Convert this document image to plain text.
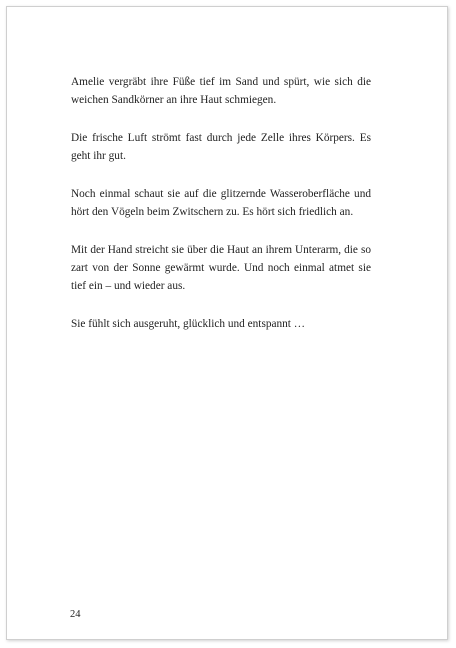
Amelie vergräbt ihre Füße tief im Sand und spürt, wie sich die weichen Sandkörner an ihre Haut schmiegen.

Die frische Luft strömt fast durch jede Zelle ihres Körpers. Es geht ihr gut.

Noch einmal schaut sie auf die glitzernde Wasseroberfläche und hört den Vögeln beim Zwitschern zu. Es hört sich friedlich an.

Mit der Hand streicht sie über die Haut an ihrem Unterarm, die so zart von der Sonne gewärmt wurde. Und noch einmal atmet sie tief ein – und wieder aus.

Sie fühlt sich ausgeruht, glücklich und entspannt …

24
